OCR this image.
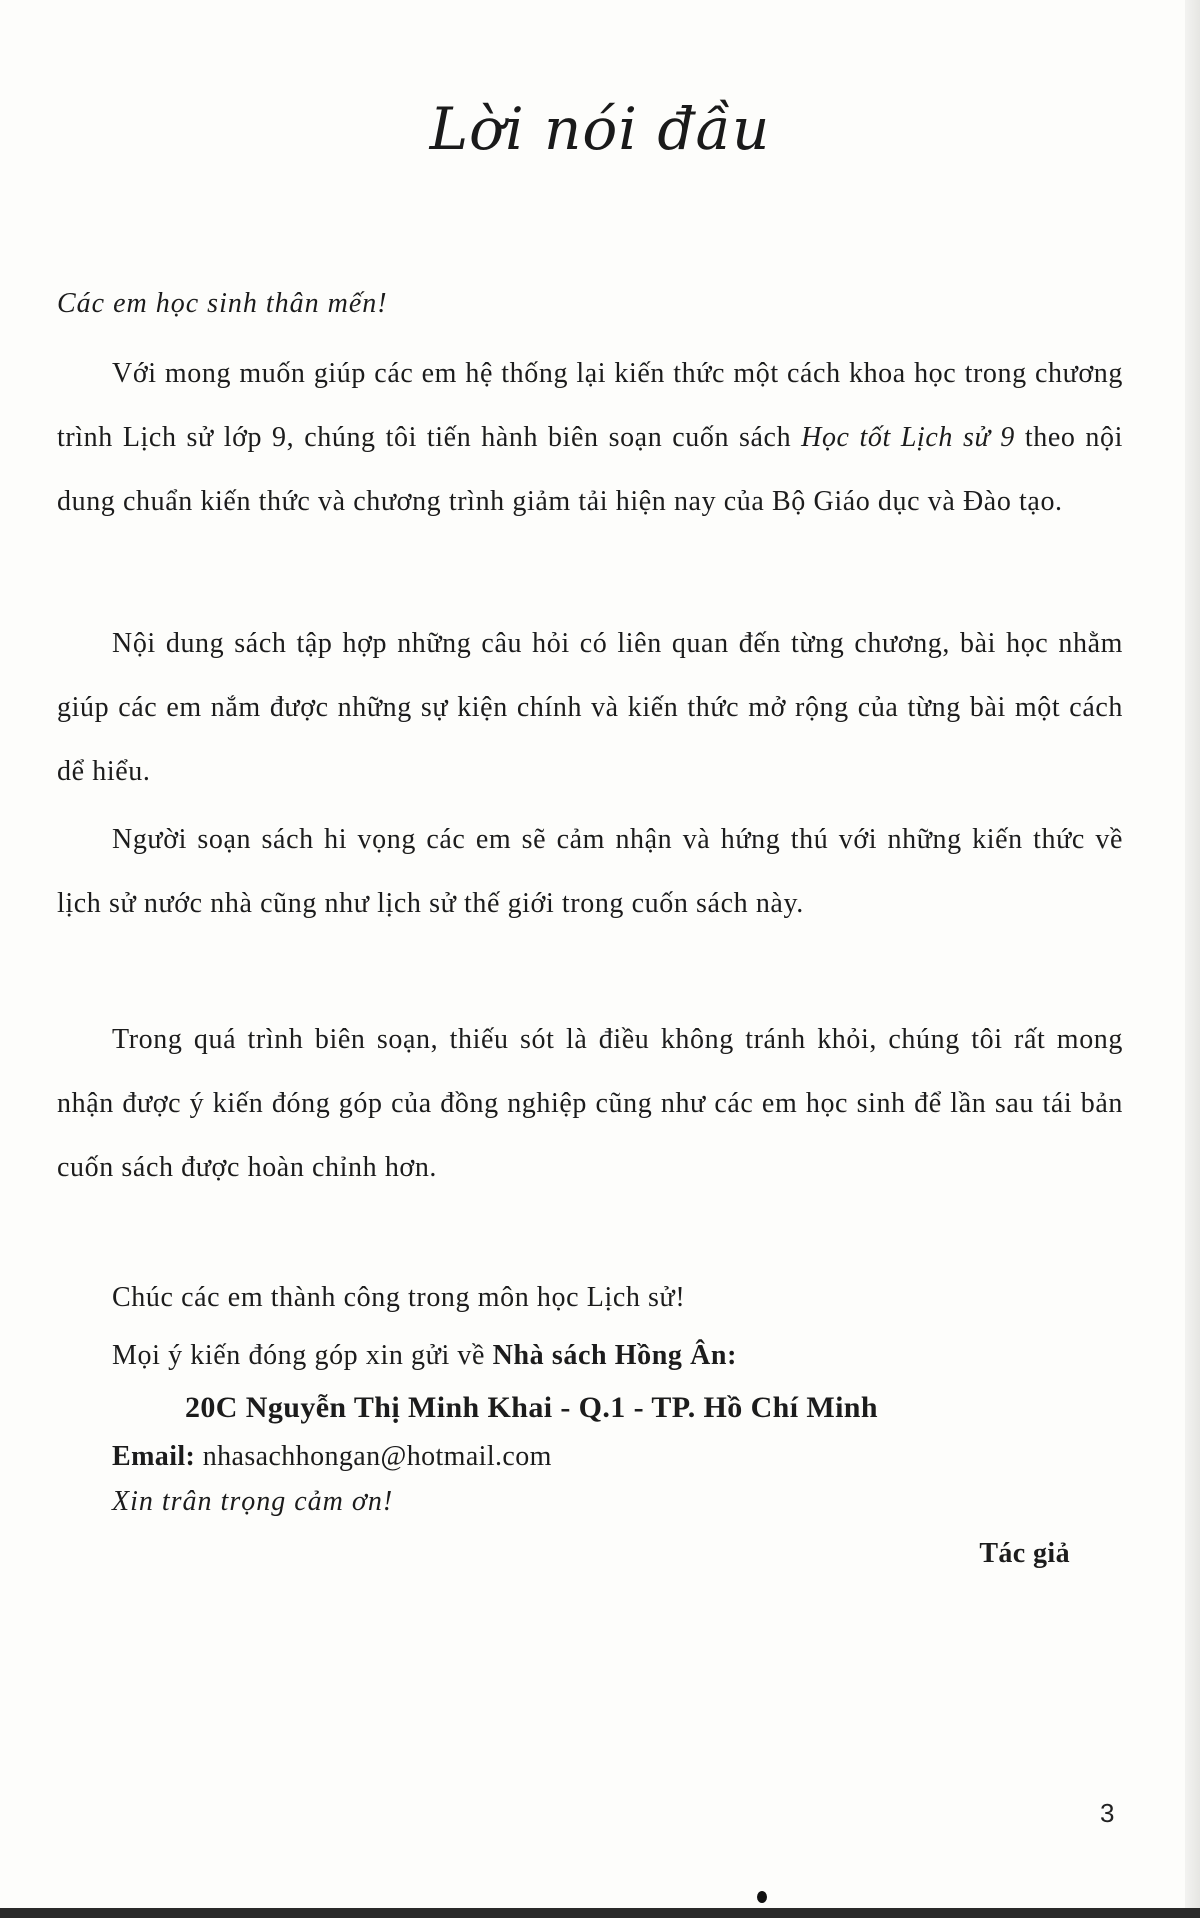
Lời nói đầu
Các em học sinh thân mến!

Với mong muốn giúp các em hệ thống lại kiến thức một cách khoa học trong chương trình Lịch sử lớp 9, chúng tôi tiến hành biên soạn cuốn sách Học tốt Lịch sử 9 theo nội dung chuẩn kiến thức và chương trình giảm tải hiện nay của Bộ Giáo dục và Đào tạo.

Nội dung sách tập hợp những câu hỏi có liên quan đến từng chương, bài học nhằm giúp các em nắm được những sự kiện chính và kiến thức mở rộng của từng bài một cách dể hiểu.

Người soạn sách hi vọng các em sẽ cảm nhận và hứng thú với những kiến thức về lịch sử nước nhà cũng như lịch sử thế giới trong cuốn sách này.

Trong quá trình biên soạn, thiếu sót là điều không tránh khỏi, chúng tôi rất mong nhận được ý kiến đóng góp của đồng nghiệp cũng như các em học sinh để lần sau tái bản cuốn sách được hoàn chỉnh hơn.

Chúc các em thành công trong môn học Lịch sử!
Mọi ý kiến đóng góp xin gửi về Nhà sách Hồng Ân:
20C Nguyễn Thị Minh Khai - Q.1 - TP. Hồ Chí Minh
Email: nhasachhongan@hotmail.com
Xin trân trọng cảm ơn!
Tác giả
3
